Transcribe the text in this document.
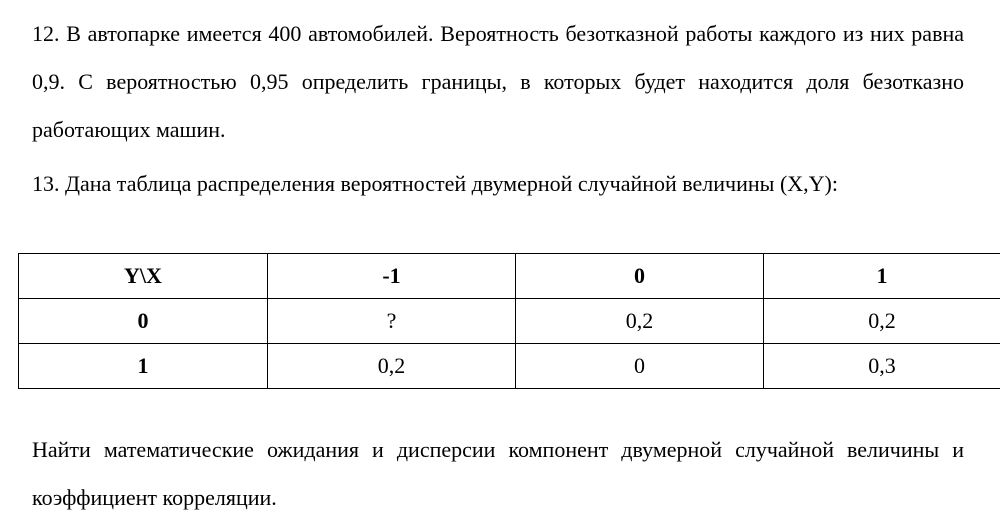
12. В автопарке имеется 400 автомобилей. Вероятность безотказной работы каждого из них равна 0,9. С вероятностью 0,95 определить границы, в которых будет находится доля безотказно работающих машин.

13. Дана таблица распределения вероятностей двумерной случайной величины (X,Y):

Y\X	-1	0	1
0	?	0,2	0,2
1	0,2	0	0,3

Найти математические ожидания и дисперсии компонент двумерной случайной величины и коэффициент корреляции.
